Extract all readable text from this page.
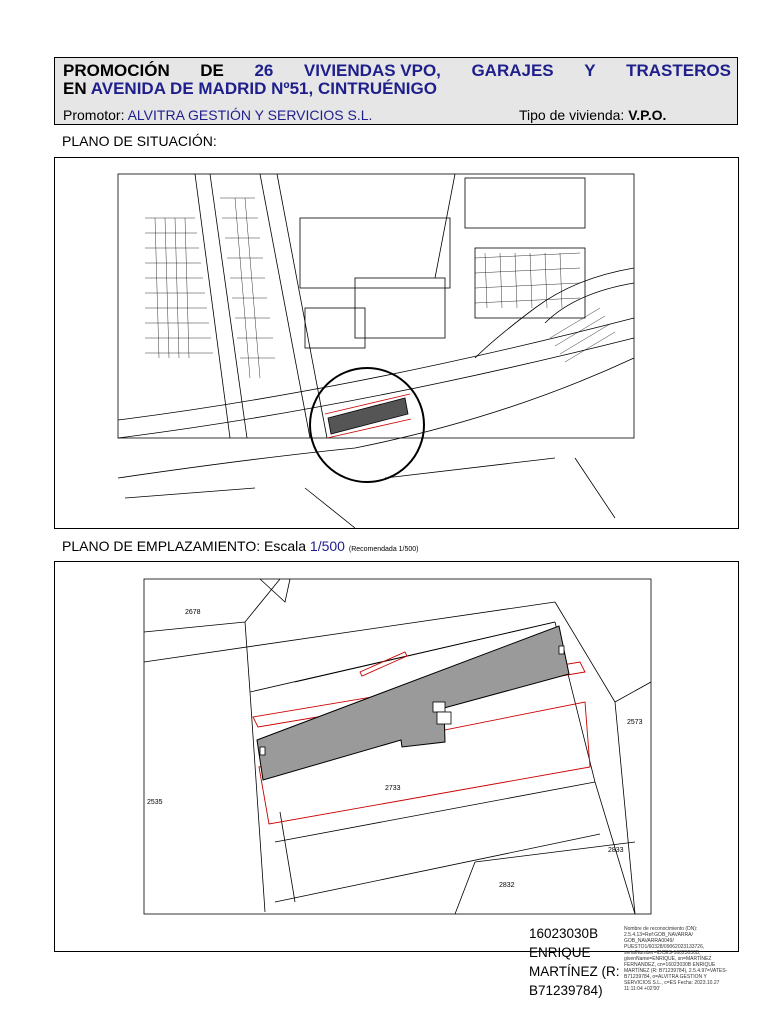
PROMOCIÓN DE 26 VIVIENDAS VPO, GARAJES Y TRASTEROS
EN AVENIDA DE MADRID Nº51, CINTRUÉNIGO
Promotor: ALVITRA GESTIÓN Y SERVICIOS S.L.	Tipo de vivienda: V.P.O.
PLANO DE SITUACIÓN:
PLANO DE EMPLAZAMIENTO: Escala 1/500 (Recomendada 1/500)
2678
2573
2535
2733
2833
2832
16023030B
ENRIQUE
MARTÍNEZ (R:
B71239784)
Nombre de reconocimiento (DN): 2.5.4.13=Ref:GOB_NAVARRA/ GOB_NAVARRA0049/ PUESTO1/60328/09062023133726, serialNumber=IDCES-16023030B, givenName=ENRIQUE, sn=MARTÍNEZ FERNANDEZ, cn=16023030B ENRIQUE MARTÍNEZ (R: B71239784), 2.5.4.97=VATES-B71239784, o=ALVITRA GESTION Y SERVICIOS S.L., c=ES Fecha: 2023.10.27 11:11:04 +02'00'
